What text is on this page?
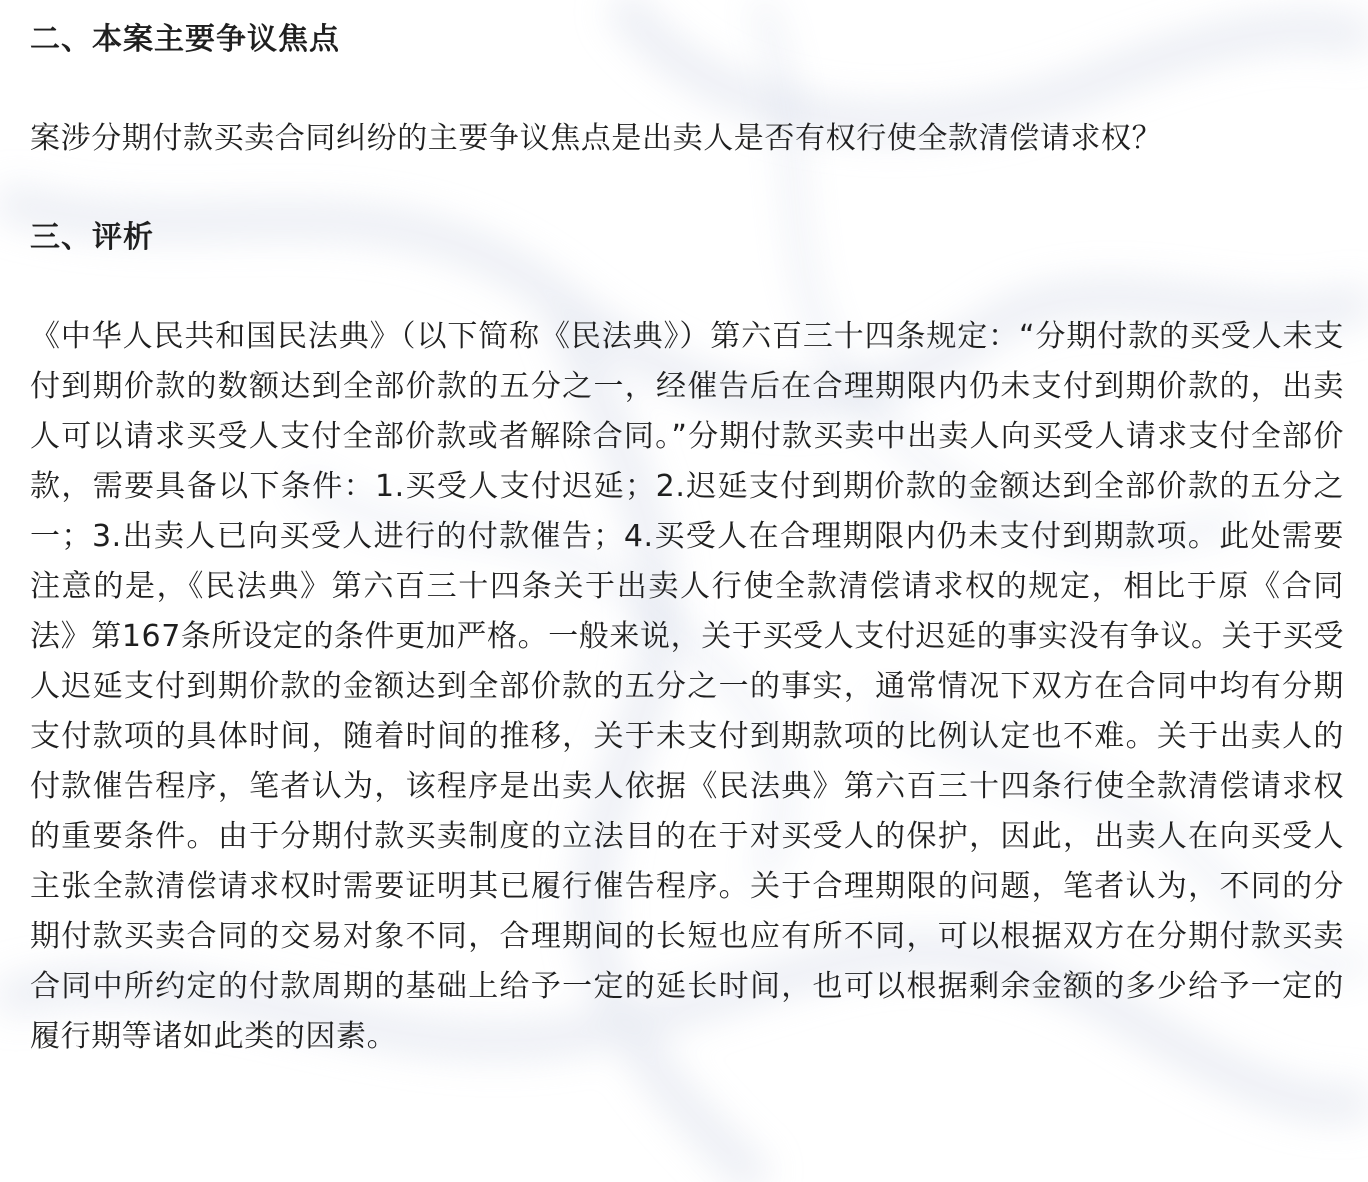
二、本案主要争议焦点

案涉分期付款买卖合同纠纷的主要争议焦点是出卖人是否有权行使全款清偿请求权？

三、评析

《中华人民共和国民法典》（以下简称《民法典》）第六百三十四条规定：“分期付款的买受人未支付到期价款的数额达到全部价款的五分之一，经催告后在合理期限内仍未支付到期价款的，出卖人可以请求买受人支付全部价款或者解除合同。”分期付款买卖中出卖人向买受人请求支付全部价款，需要具备以下条件：1.买受人支付迟延；2.迟延支付到期价款的金额达到全部价款的五分之一；3.出卖人已向买受人进行的付款催告；4.买受人在合理期限内仍未支付到期款项。此处需要注意的是，《民法典》第六百三十四条关于出卖人行使全款清偿请求权的规定，相比于原《合同法》第167条所设定的条件更加严格。一般来说，关于买受人支付迟延的事实没有争议。关于买受人迟延支付到期价款的金额达到全部价款的五分之一的事实，通常情况下双方在合同中均有分期支付款项的具体时间，随着时间的推移，关于未支付到期款项的比例认定也不难。关于出卖人的付款催告程序，笔者认为，该程序是出卖人依据《民法典》第六百三十四条行使全款清偿请求权的重要条件。由于分期付款买卖制度的立法目的在于对买受人的保护，因此，出卖人在向买受人主张全款清偿请求权时需要证明其已履行催告程序。关于合理期限的问题，笔者认为，不同的分期付款买卖合同的交易对象不同，合理期间的长短也应有所不同，可以根据双方在分期付款买卖合同中所约定的付款周期的基础上给予一定的延长时间，也可以根据剩余金额的多少给予一定的履行期等诸如此类的因素。
